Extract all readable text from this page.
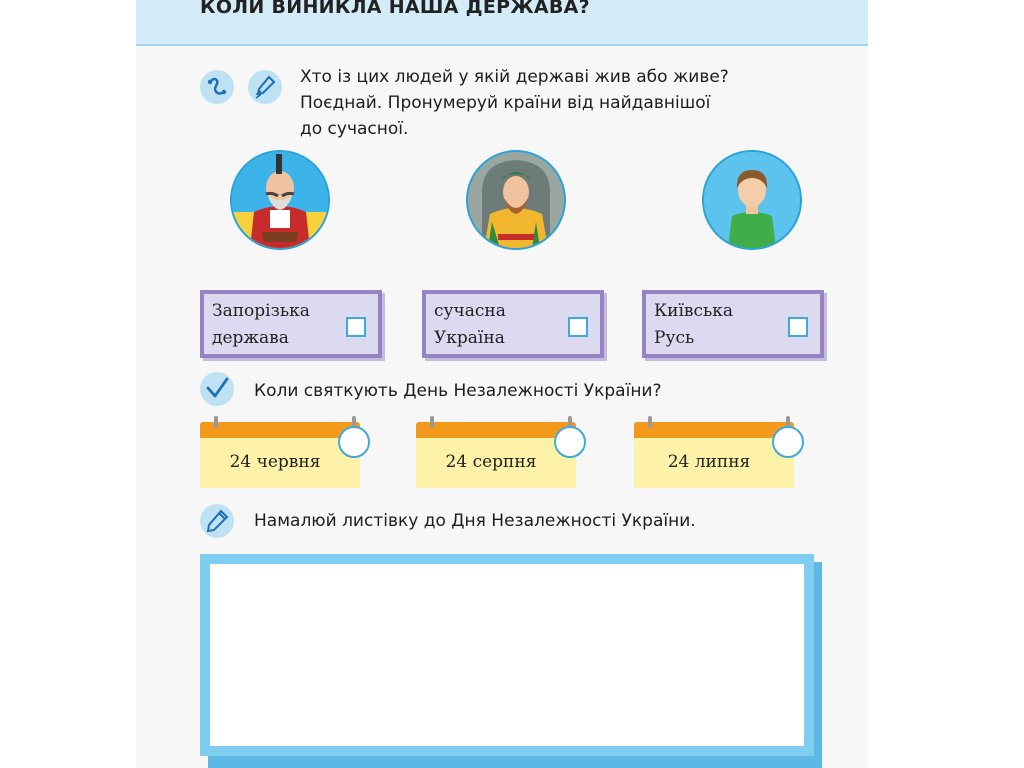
КОЛИ ВИНИКЛА НАША ДЕРЖАВА?
Хто із цих людей у якій державі жив або живе?
Поєднай. Пронумеруй країни від найдавнішої
до сучасної.
Запорізька
держава
сучасна
Україна
Київська
Русь
Коли святкують День Незалежності України?
24 червня	24 серпня	24 липня
Намалюй листівку до Дня Незалежності України.
